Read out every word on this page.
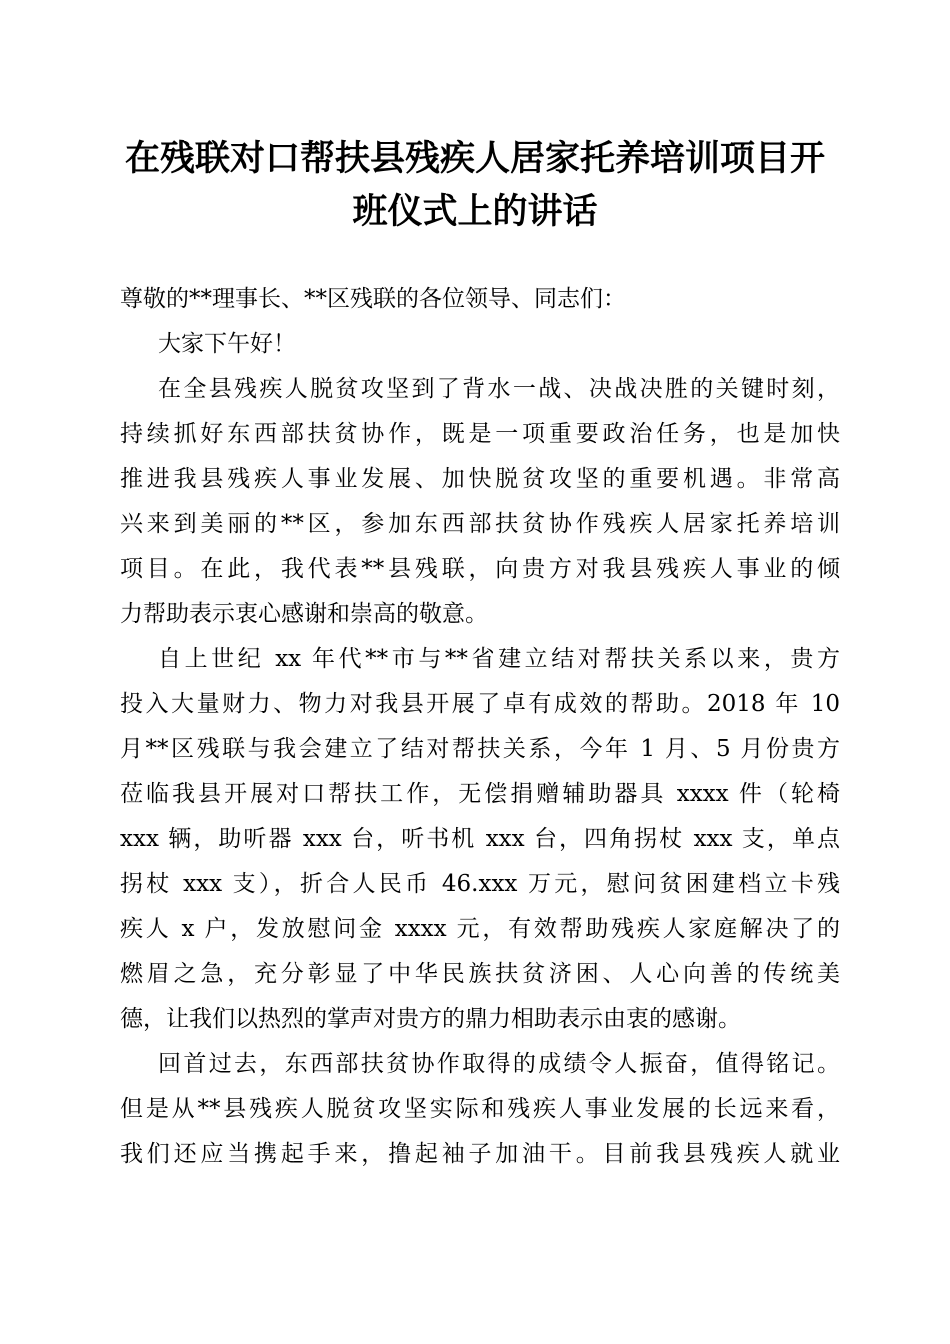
在残联对口帮扶县残疾人居家托养培训项目开
班仪式上的讲话
尊敬的**理事长、**区残联的各位领导、同志们：
大家下午好！
在全县残疾人脱贫攻坚到了背水一战、决战决胜的关键时刻，
持续抓好东西部扶贫协作，既是一项重要政治任务，也是加快
推进我县残疾人事业发展、加快脱贫攻坚的重要机遇。非常高
兴来到美丽的**区，参加东西部扶贫协作残疾人居家托养培训
项目。在此，我代表**县残联，向贵方对我县残疾人事业的倾
力帮助表示衷心感谢和崇高的敬意。
自上世纪 xx 年代**市与**省建立结对帮扶关系以来，贵方
投入大量财力、物力对我县开展了卓有成效的帮助。2018 年 10
月**区残联与我会建立了结对帮扶关系，今年 1 月、5 月份贵方
莅临我县开展对口帮扶工作，无偿捐赠辅助器具 xxxx 件（轮椅
xxx 辆，助听器 xxx 台，听书机 xxx 台，四角拐杖 xxx 支，单点
拐杖 xxx 支），折合人民币 46.xxx 万元，慰问贫困建档立卡残
疾人 x 户，发放慰问金 xxxx 元，有效帮助残疾人家庭解决了的
燃眉之急，充分彰显了中华民族扶贫济困、人心向善的传统美
德，让我们以热烈的掌声对贵方的鼎力相助表示由衷的感谢。
回首过去，东西部扶贫协作取得的成绩令人振奋，值得铭记。
但是从**县残疾人脱贫攻坚实际和残疾人事业发展的长远来看，
我们还应当携起手来，撸起袖子加油干。目前我县残疾人就业
